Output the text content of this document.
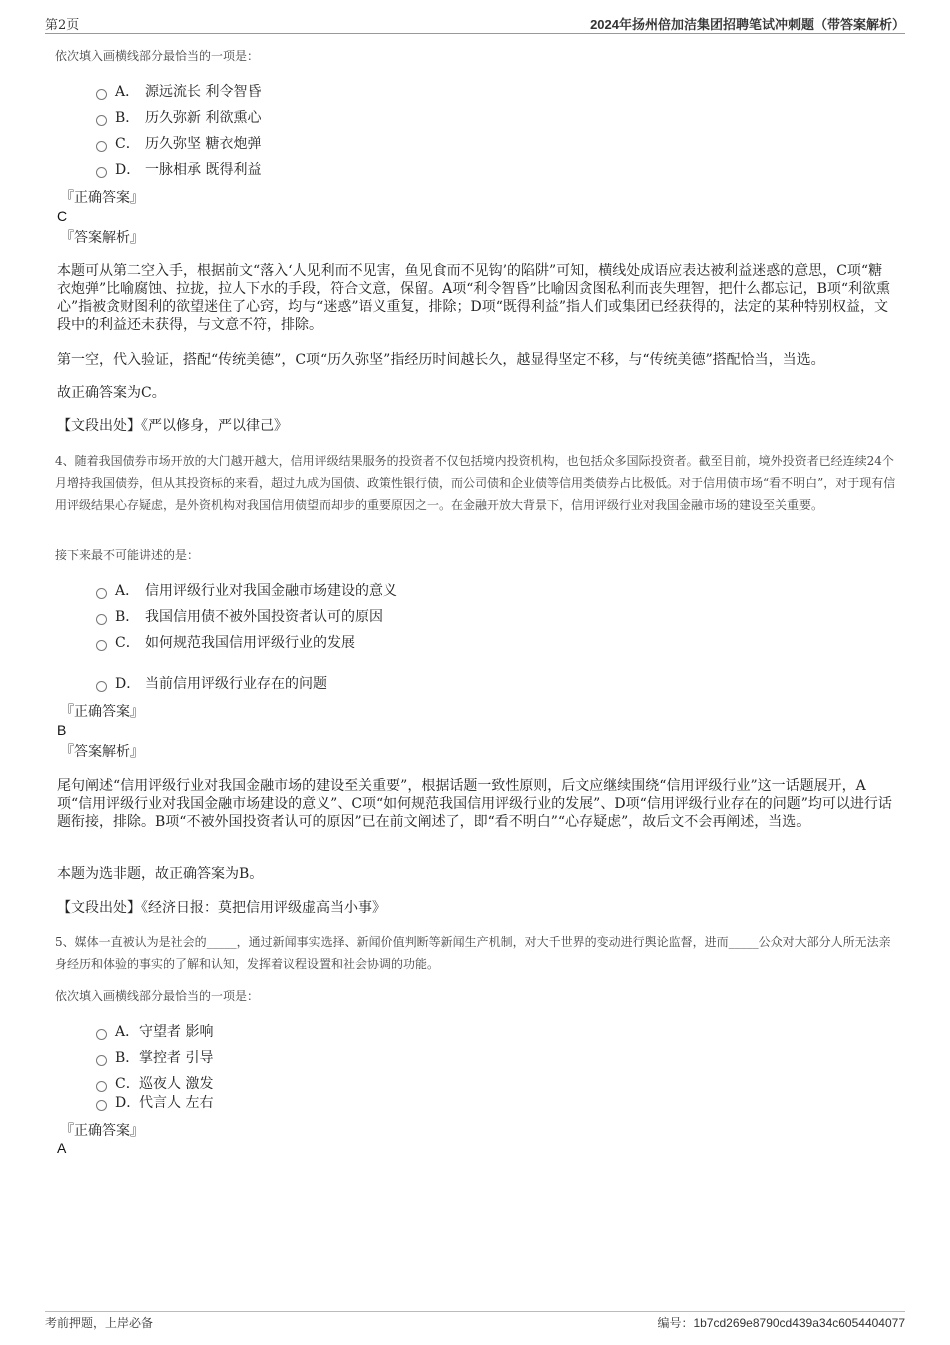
第2页	2024年扬州倍加洁集团招聘笔试冲刺题（带答案解析）
依次填入画横线部分最恰当的一项是：
A． 源远流长 利令智昏
B． 历久弥新 利欲熏心
C． 历久弥坚 糖衣炮弹
D． 一脉相承 既得利益
『正确答案』
C
『答案解析』
本题可从第二空入手，根据前文“落入‘人见利而不见害，鱼见食而不见钩’的陷阱”可知，横线处成语应表达被利益迷惑的意思，C项“糖衣炮弹”比喻腐蚀、拉拢，拉人下水的手段，符合文意，保留。A项“利令智昏”比喻因贪图私利而丧失理智，把什么都忘记，B项“利欲熏心”指被贪财图利的欲望迷住了心窍，均与“迷惑”语义重复，排除；D项“既得利益”指人们或集团已经获得的，法定的某种特别权益，文段中的利益还未获得，与文意不符，排除。
第一空，代入验证，搭配“传统美德”，C项“历久弥坚”指经历时间越长久，越显得坚定不移，与“传统美德”搭配恰当，当选。
故正确答案为C。
【文段出处】《严以修身，严以律己》
4、随着我国债券市场开放的大门越开越大，信用评级结果服务的投资者不仅包括境内投资机构，也包括众多国际投资者。截至目前，境外投资者已经连续24个月增持我国债券，但从其投资标的来看，超过九成为国债、政策性银行债，而公司债和企业债等信用类债券占比极低。对于信用债市场“看不明白”，对于现有信用评级结果心存疑虑，是外资机构对我国信用债望而却步的重要原因之一。在金融开放大背景下，信用评级行业对我国金融市场的建设至关重要。
接下来最不可能讲述的是：
A． 信用评级行业对我国金融市场建设的意义
B． 我国信用债不被外国投资者认可的原因
C． 如何规范我国信用评级行业的发展
D． 当前信用评级行业存在的问题
『正确答案』
B
『答案解析』
尾句阐述“信用评级行业对我国金融市场的建设至关重要”，根据话题一致性原则，后文应继续围绕“信用评级行业”这一话题展开，A项“信用评级行业对我国金融市场建设的意义”、C项“如何规范我国信用评级行业的发展”、D项“信用评级行业存在的问题”均可以进行话题衔接，排除。B项“不被外国投资者认可的原因”已在前文阐述了，即“看不明白”“心存疑虑”，故后文不会再阐述，当选。
本题为选非题，故正确答案为B。
【文段出处】《经济日报：莫把信用评级虚高当小事》
5、媒体一直被认为是社会的_____，通过新闻事实选择、新闻价值判断等新闻生产机制，对大千世界的变动进行舆论监督，进而_____公众对大部分人所无法亲身经历和体验的事实的了解和认知，发挥着议程设置和社会协调的功能。
依次填入画横线部分最恰当的一项是：
A．守望者 影响
B．掌控者 引导
C．巡夜人 激发
D．代言人 左右
『正确答案』
A
考前押题，上岸必备	编号：1b7cd269e8790cd439a34c6054404077
